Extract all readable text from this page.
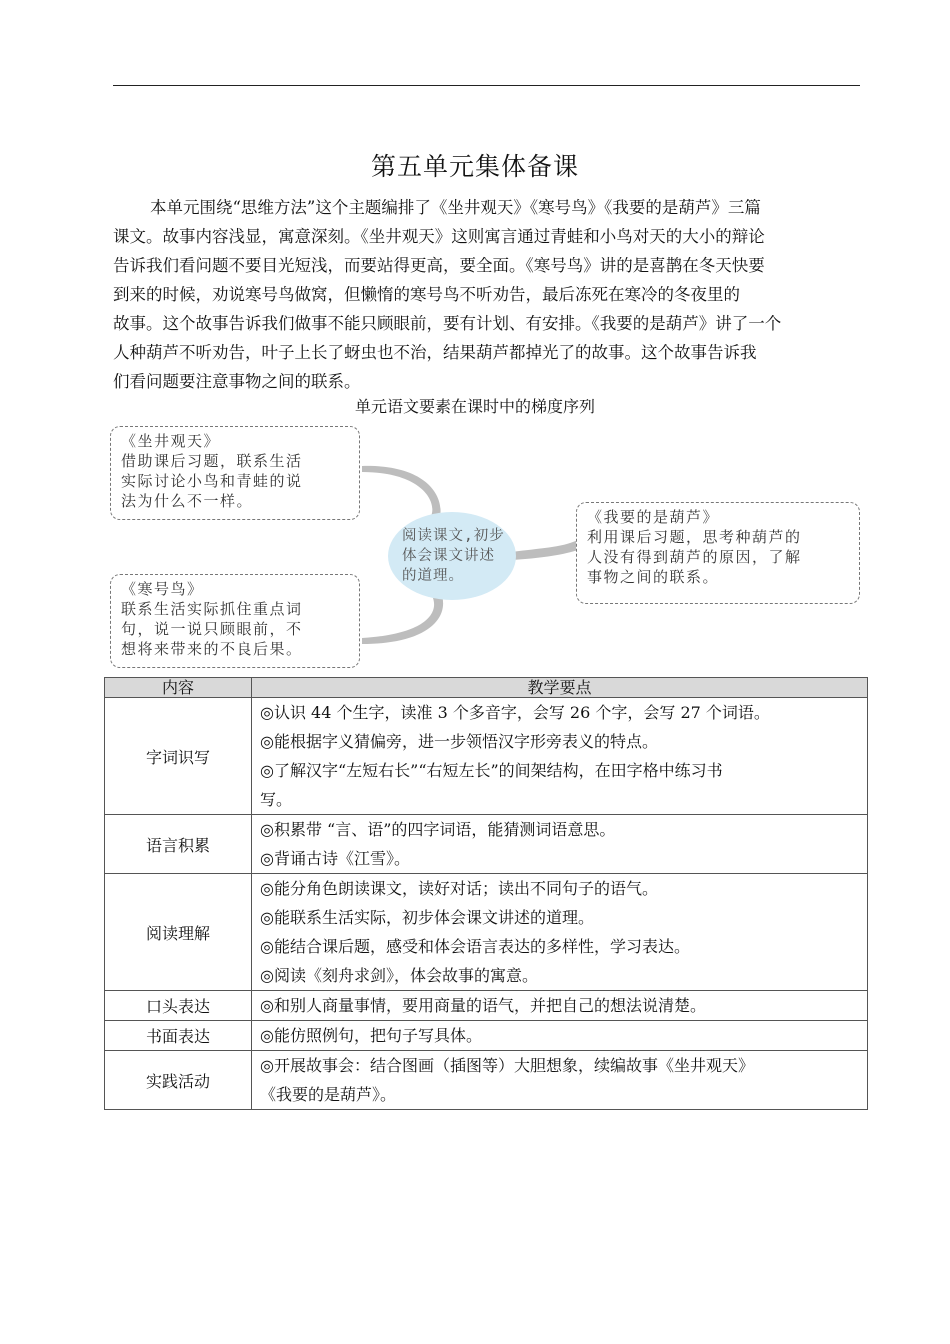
第五单元集体备课

本单元围绕“思维方法”这个主题编排了《坐井观天》《寒号鸟》《我要的是葫芦》三篇
课文。故事内容浅显，寓意深刻。《坐井观天》这则寓言通过青蛙和小鸟对天的大小的辩论
告诉我们看问题不要目光短浅，而要站得更高，要全面。《寒号鸟》讲的是喜鹊在冬天快要
到来的时候，劝说寒号鸟做窝，但懒惰的寒号鸟不听劝告，最后冻死在寒冷的冬夜里的
故事。这个故事告诉我们做事不能只顾眼前，要有计划、有安排。《我要的是葫芦》讲了一个
人种葫芦不听劝告，叶子上长了蚜虫也不治，结果葫芦都掉光了的故事。这个故事告诉我
们看问题要注意事物之间的联系。

单元语文要素在课时中的梯度序列
阅读课文,初步
体会课文讲述
的道理。
《坐井观天》
借助课后习题，联系生活
实际讨论小鸟和青蛙的说
法为什么不一样。
《寒号鸟》
联系生活实际抓住重点词
句，说一说只顾眼前，不
想将来带来的不良后果。
《我要的是葫芦》
利用课后习题，思考种葫芦的
人没有得到葫芦的原因，了解
事物之间的联系。
内容	教学要点
字词识写	◎认识 44 个生字，读准 3 个多音字，会写 26 个字，会写 27 个词语。
◎能根据字义猜偏旁，进一步领悟汉字形旁表义的特点。
◎了解汉字“左短右长”“右短左长”的间架结构，在田字格中练习书
写。

语言积累	◎积累带 “言、语”的四字词语，能猜测词语意思。
◎背诵古诗《江雪》。

阅读理解	◎能分角色朗读课文，读好对话；读出不同句子的语气。
◎能联系生活实际，初步体会课文讲述的道理。
◎能结合课后题，感受和体会语言表达的多样性，学习表达。
◎阅读《刻舟求剑》，体会故事的寓意。

口头表达	◎和别人商量事情，要用商量的语气，并把自己的想法说清楚。

书面表达	◎能仿照例句，把句子写具体。

实践活动	◎开展故事会：结合图画（插图等）大胆想象，续编故事《坐井观天》
《我要的是葫芦》。
